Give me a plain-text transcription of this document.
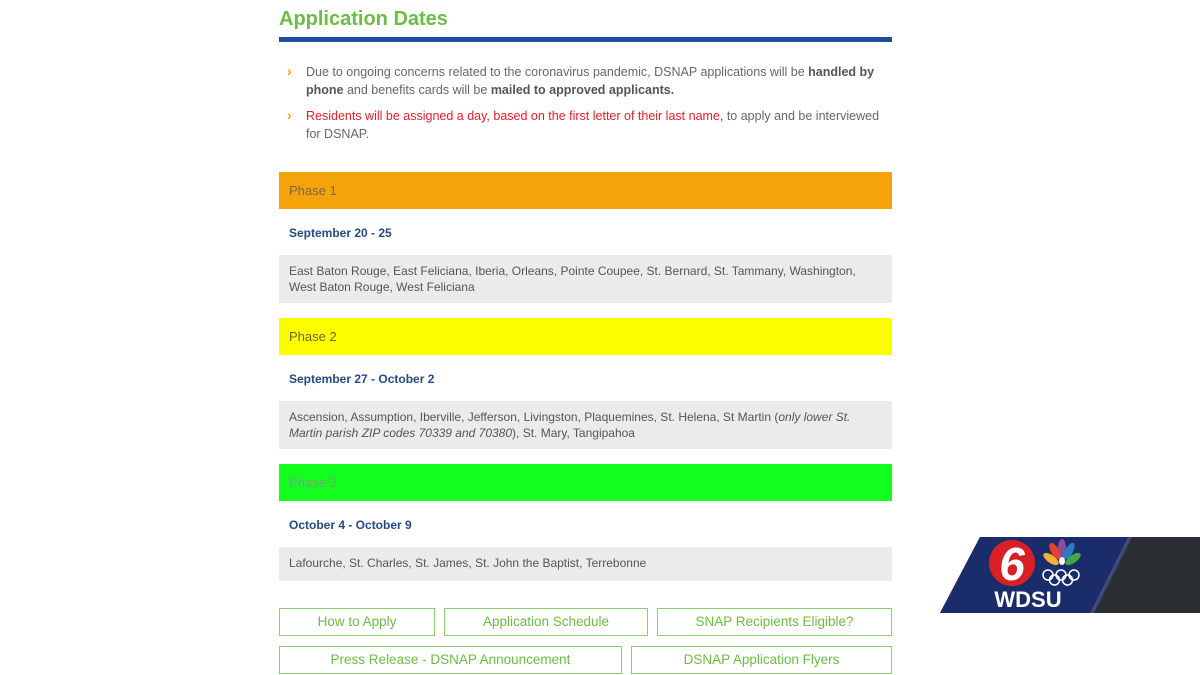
Application Dates
› Due to ongoing concerns related to the coronavirus pandemic, DSNAP applications will be handled by phone and benefits cards will be mailed to approved applicants.
› Residents will be assigned a day, based on the first letter of their last name, to apply and be interviewed for DSNAP.
Phase 1
September 20 - 25
East Baton Rouge, East Feliciana, Iberia, Orleans, Pointe Coupee, St. Bernard, St. Tammany, Washington, West Baton Rouge, West Feliciana
Phase 2
September 27 - October 2
Ascension, Assumption, Iberville, Jefferson, Livingston, Plaquemines, St. Helena, St Martin (only lower St. Martin parish ZIP codes 70339 and 70380), St. Mary, Tangipahoa
Phase 3
October 4 - October 9
Lafourche, St. Charles, St. James, St. John the Baptist, Terrebonne
How to Apply	Application Schedule	SNAP Recipients Eligible?
Press Release - DSNAP Announcement	DSNAP Application Flyers
6
WDSU
